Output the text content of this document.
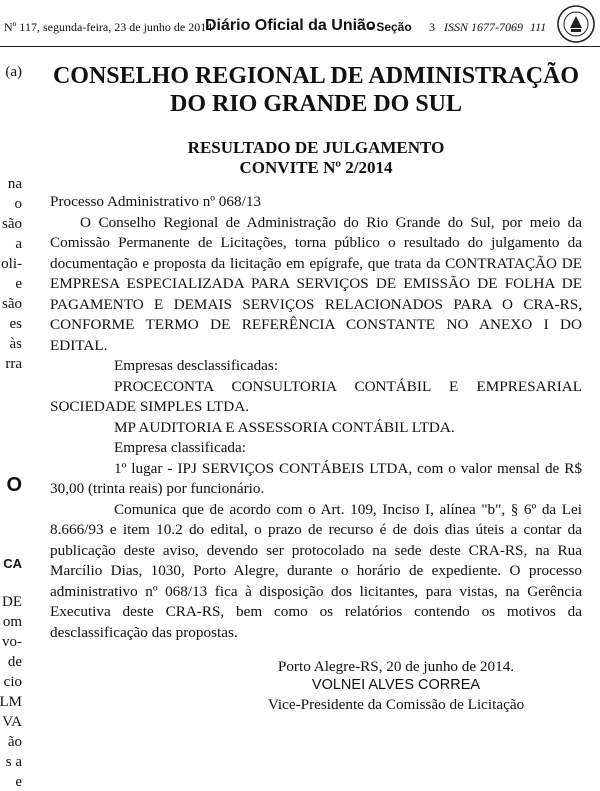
Nº 117, segunda-feira, 23 de junho de 2014
Diário Oficial da União
- Seção 3 ISSN 1677-7069 111
(a)
na
o
são
a
oli-
e
são
es
às
rra
O
CA
DE
om
vo-
de
cio
LM
VA
ão
s a
e
CONSELHO REGIONAL DE ADMINISTRAÇÃO
DO RIO GRANDE DO SUL
RESULTADO DE JULGAMENTO
CONVITE Nº 2/2014

Processo Administrativo nº 068/13

O Conselho Regional de Administração do Rio Grande do Sul, por meio da Comissão Permanente de Licitações, torna público o resultado do julgamento da documentação e proposta da licitação em epígrafe, que trata da CONTRATAÇÃO DE EMPRESA ESPECIALIZADA PARA SERVIÇOS DE EMISSÃO DE FOLHA DE PAGAMENTO E DEMAIS SERVIÇOS RELACIONADOS PARA O CRA-RS, CONFORME TERMO DE REFERÊNCIA CONSTANTE NO ANEXO I DO EDITAL.

Empresas desclassificadas:

PROCECONTA CONSULTORIA CONTÁBIL E EMPRESARIAL SOCIEDADE SIMPLES LTDA.

MP AUDITORIA E ASSESSORIA CONTÁBIL LTDA.

Empresa classificada:

1º lugar - IPJ SERVIÇOS CONTÁBEIS LTDA, com o valor mensal de R$ 30,00 (trinta reais) por funcionário.

Comunica que de acordo com o Art. 109, Inciso I, alínea "b", § 6º da Lei 8.666/93 e item 10.2 do edital, o prazo de recurso é de dois dias úteis a contar da publicação deste aviso, devendo ser protocolado na sede deste CRA-RS, na Rua Marcílio Dias, 1030, Porto Alegre, durante o horário de expediente. O processo administrativo nº 068/13 fica à disposição dos licitantes, para vistas, na Gerência Executiva deste CRA-RS, bem como os relatórios contendo os motivos da desclassificação das propostas.

Porto Alegre-RS, 20 de junho de 2014.
VOLNEI ALVES CORREA
Vice-Presidente da Comissão de Licitação
